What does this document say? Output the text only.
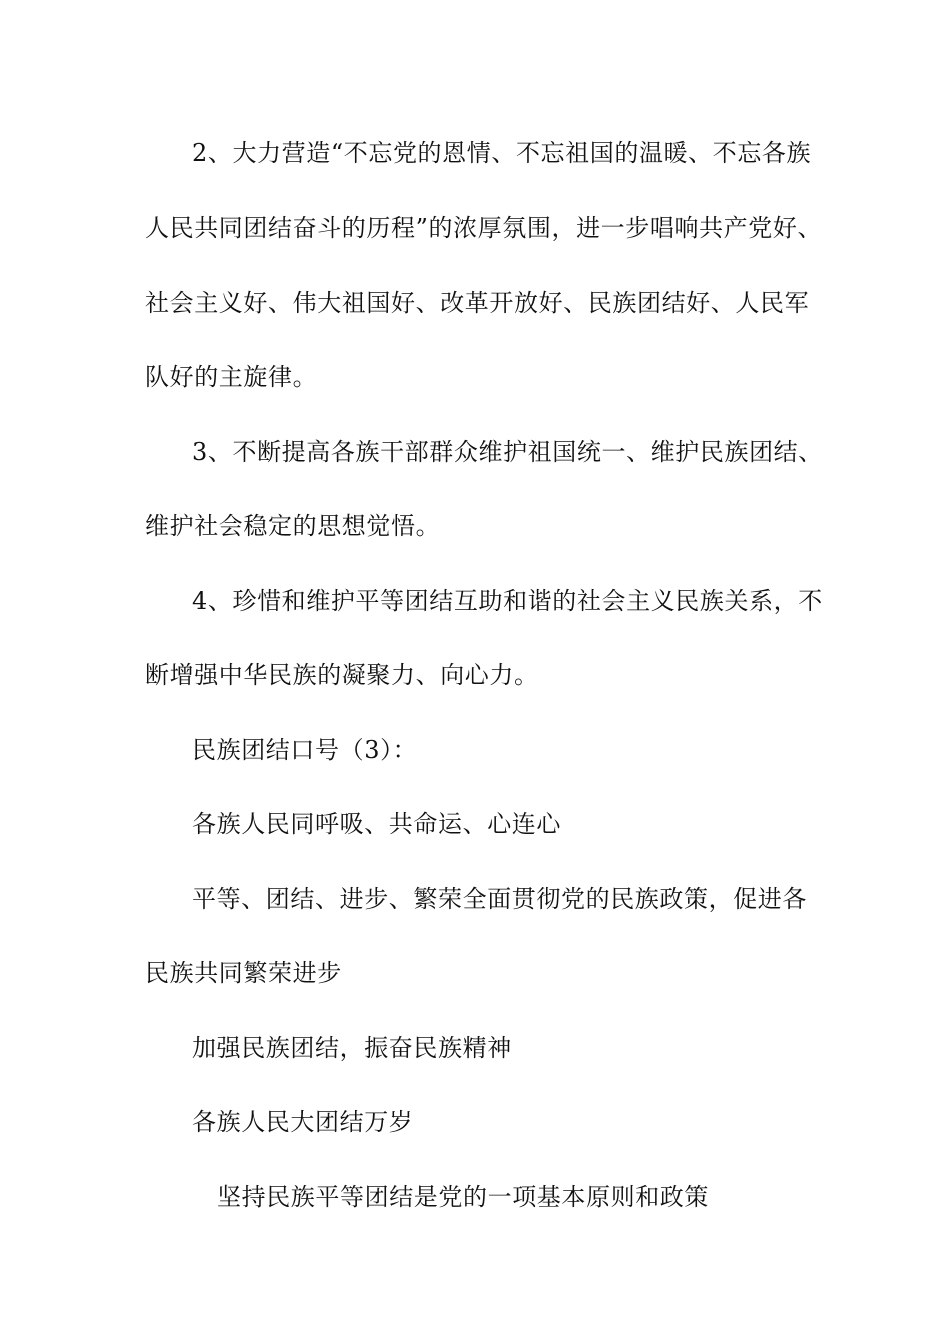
2、大力营造“不忘党的恩情、不忘祖国的温暖、不忘各族
人民共同团结奋斗的历程”的浓厚氛围，进一步唱响共产党好、
社会主义好、伟大祖国好、改革开放好、民族团结好、人民军
队好的主旋律。
3、不断提高各族干部群众维护祖国统一、维护民族团结、
维护社会稳定的思想觉悟。
4、珍惜和维护平等团结互助和谐的社会主义民族关系，不
断增强中华民族的凝聚力、向心力。
民族团结口号（3）：
各族人民同呼吸、共命运、心连心
平等、团结、进步、繁荣全面贯彻党的民族政策，促进各
民族共同繁荣进步
加强民族团结，振奋民族精神
各族人民大团结万岁
坚持民族平等团结是党的一项基本原则和政策
